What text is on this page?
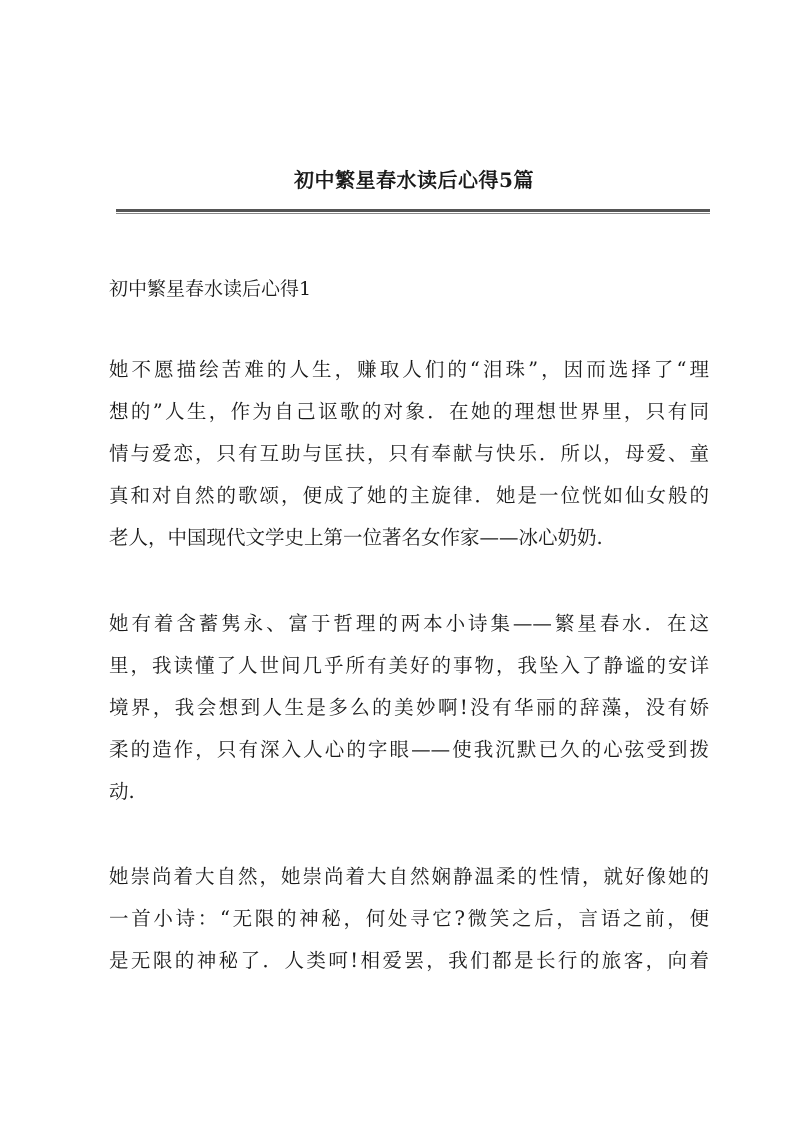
初中繁星春水读后心得5篇
初中繁星春水读后心得1
她不愿描绘苦难的人生，赚取人们的“泪珠”，因而选择了“理
想的”人生，作为自己讴歌的对象．在她的理想世界里，只有同
情与爱恋，只有互助与匡扶，只有奉献与快乐．所以，母爱、童
真和对自然的歌颂，便成了她的主旋律．她是一位恍如仙女般的
老人，中国现代文学史上第一位著名女作家——冰心奶奶.
她有着含蓄隽永、富于哲理的两本小诗集——繁星春水．在这
里，我读懂了人世间几乎所有美好的事物，我坠入了静谧的安详
境界，我会想到人生是多么的美妙啊!没有华丽的辞藻，没有娇
柔的造作，只有深入人心的字眼——使我沉默已久的心弦受到拨
动.
她崇尚着大自然，她崇尚着大自然娴静温柔的性情，就好像她的
一首小诗：“无限的神秘，何处寻它?微笑之后，言语之前，便
是无限的神秘了．人类呵!相爱罢，我们都是长行的旅客，向着
